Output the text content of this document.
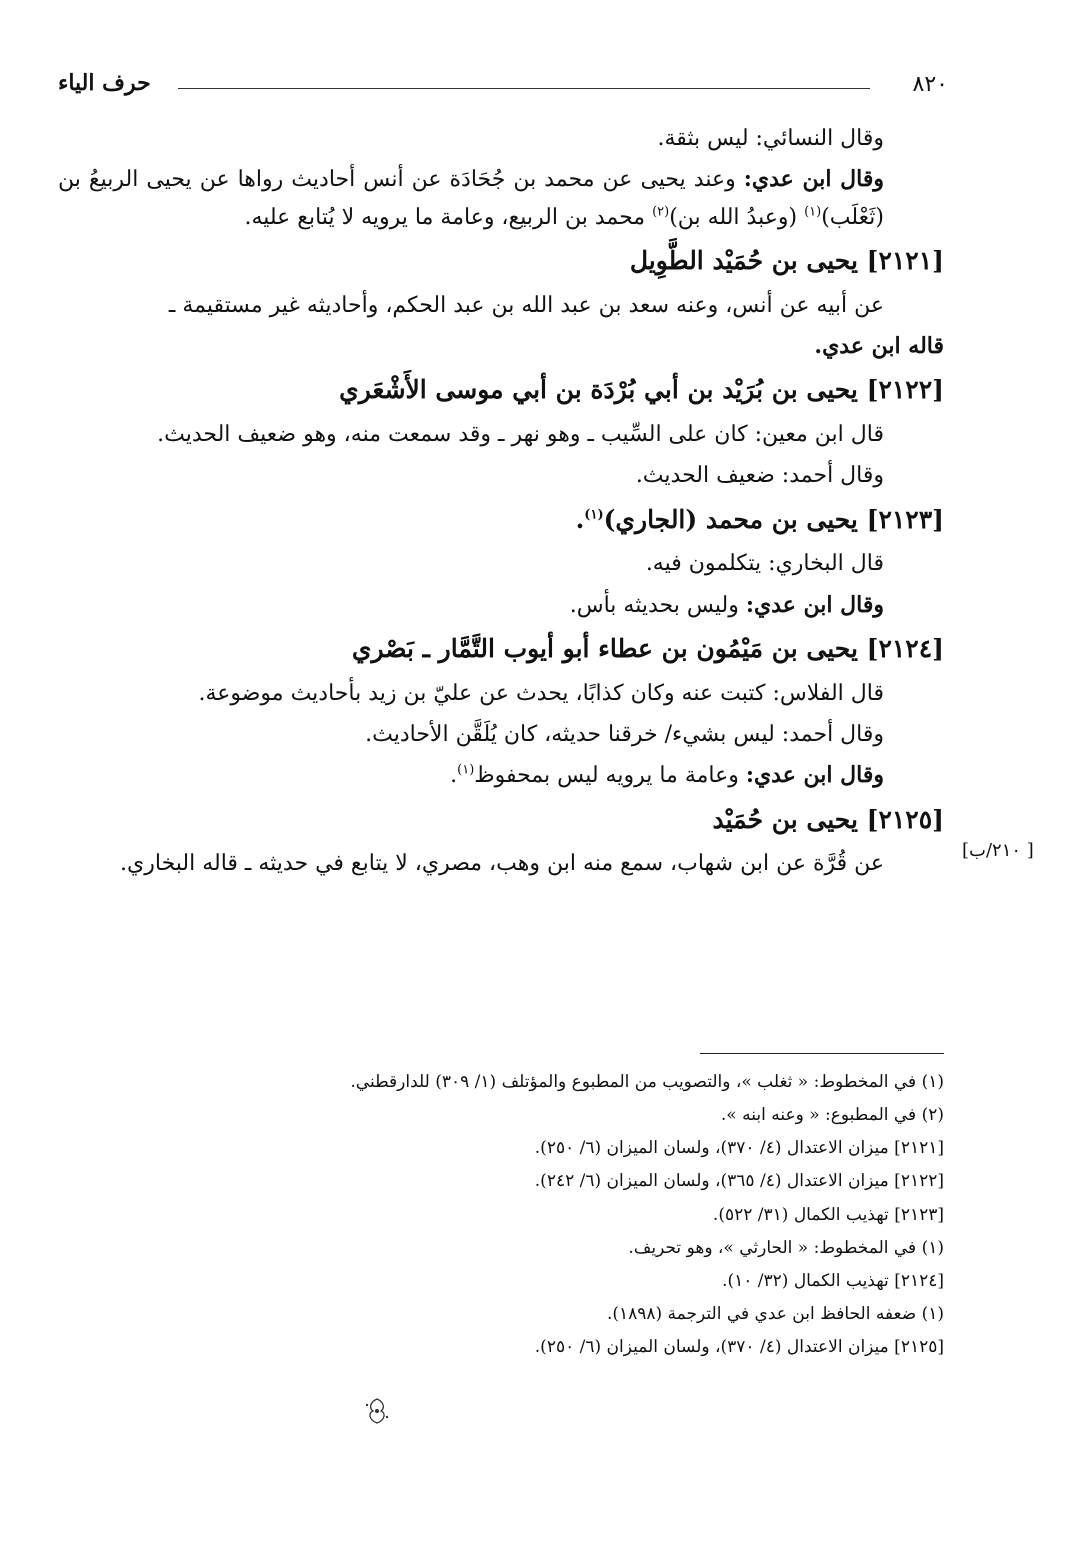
حرف الياء	٨٢٠

وقال النسائي: ليس بثقة.

وقال ابن عدي: وعند يحيى عن محمد بن جُحَادَة عن أنس أحاديث رواها عن يحيى الربيعُ بن (ثَعْلَب)$^{(١)}$ (وعبدُ الله بن)$^{(٢)}$ محمد بن الربيع، وعامة ما يرويه لا يُتابع عليه.

[٢١٢١] يحيى بن حُمَيْد الطَّوِيل

عن أبيه عن أنس، وعنه سعد بن عبد الله بن عبد الحكم، وأحاديثه غير مستقيمة ـ

قاله ابن عدي.

[٢١٢٢] يحيى بن بُرَيْد بن أبي بُرْدَة بن أبي موسى الأَشْعَري

قال ابن معين: كان على السِّيب ـ وهو نهر ـ وقد سمعت منه، وهو ضعيف الحديث.

وقال أحمد: ضعيف الحديث.

[٢١٢٣] يحيى بن محمد (الجاري)$^{(١)}$.

قال البخاري: يتكلمون فيه.

وقال ابن عدي: وليس بحديثه بأس.

[٢١٢٤] يحيى بن مَيْمُون بن عطاء أبو أيوب التَّمَّار ـ بَصْري

قال الفلاس: كتبت عنه وكان كذابًا، يحدث عن عليّ بن زيد بأحاديث موضوعة.

وقال أحمد: ليس بشيء/ خرقنا حديثه، كان يُلَقَّن الأحاديث.

وقال ابن عدي: وعامة ما يرويه ليس بمحفوظ$^{(١)}$.

[٢١٢٥] يحيى بن حُمَيْد

عن قُرَّة عن ابن شهاب، سمع منه ابن وهب، مصري، لا يتابع في حديثه ـ قاله البخاري.

[ ٢١٠/ب]
(١) في المخطوط: « ثغلب »، والتصويب من المطبوع والمؤتلف (١/ ٣٠٩) للدارقطني.
(٢) في المطبوع: « وعنه ابنه ».
[٢١٢١] ميزان الاعتدال (٤/ ٣٧٠)، ولسان الميزان (٦/ ٢٥٠).
[٢١٢٢] ميزان الاعتدال (٤/ ٣٦٥)، ولسان الميزان (٦/ ٢٤٢).
[٢١٢٣] تهذيب الكمال (٣١/ ٥٢٢).
(١) في المخطوط: « الحارثي »، وهو تحريف.
[٢١٢٤] تهذيب الكمال (٣٢/ ١٠).
(١) ضعفه الحافظ ابن عدي في الترجمة (١٨٩٨).
[٢١٢٥] ميزان الاعتدال (٤/ ٣٧٠)، ولسان الميزان (٦/ ٢٥٠).
